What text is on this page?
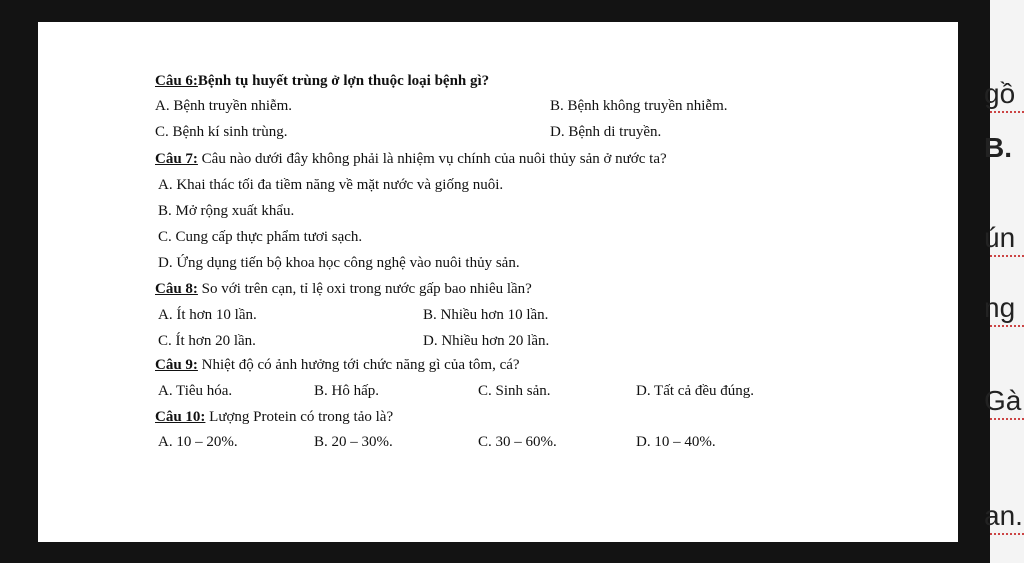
Câu 6:Bệnh tụ huyết trùng ở lợn thuộc loại bệnh gì?
A. Bệnh truyền nhiễm.	B. Bệnh không truyền nhiễm.
C. Bệnh kí sinh trùng.	D. Bệnh di truyền.
Câu 7: Câu nào dưới đây không phải là nhiệm vụ chính của nuôi thủy sản ở nước ta?
A. Khai thác tối đa tiềm năng về mặt nước và giống nuôi.
B. Mở rộng xuất khẩu.
C. Cung cấp thực phẩm tươi sạch.
D. Ứng dụng tiến bộ khoa học công nghệ vào nuôi thủy sản.
Câu 8: So với trên cạn, tỉ lệ oxi trong nước gấp bao nhiêu lần?
A. Ít hơn 10 lần.	B. Nhiều hơn 10 lần.
C. Ít hơn 20 lần.	D. Nhiều hơn 20 lần.
Câu 9: Nhiệt độ có ảnh hưởng tới chức năng gì của tôm, cá?
A. Tiêu hóa.	B. Hô hấp.	C. Sinh sản.	D. Tất cả đều đúng.
Câu 10: Lượng Protein có trong tảo là?
A. 10 – 20%.	B. 20 – 30%.	C. 30 – 60%.	D. 10 – 40%.
gồ
B.
ún
ng
Gà
an.
